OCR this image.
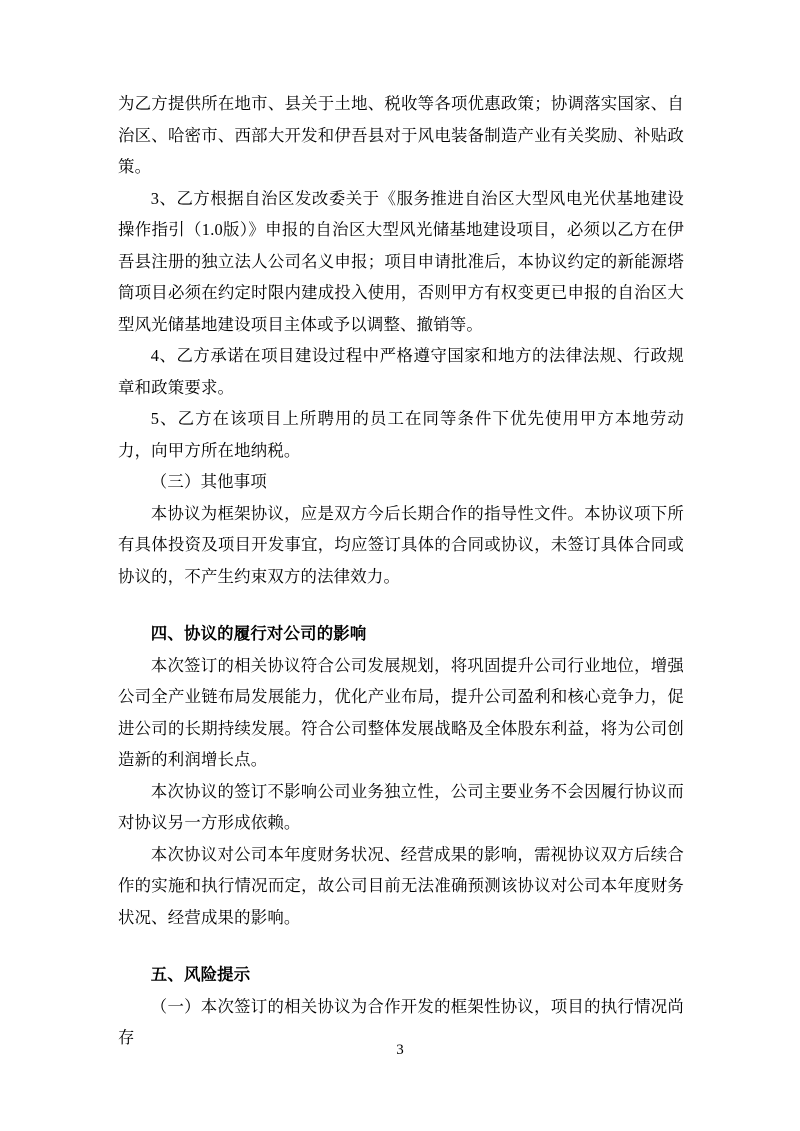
为乙方提供所在地市、县关于土地、税收等各项优惠政策；协调落实国家、自治区、哈密市、西部大开发和伊吾县对于风电装备制造产业有关奖励、补贴政策。

3、乙方根据自治区发改委关于《服务推进自治区大型风电光伏基地建设操作指引（1.0版）》申报的自治区大型风光储基地建设项目，必须以乙方在伊吾县注册的独立法人公司名义申报；项目申请批准后，本协议约定的新能源塔筒项目必须在约定时限内建成投入使用，否则甲方有权变更已申报的自治区大型风光储基地建设项目主体或予以调整、撤销等。

4、乙方承诺在项目建设过程中严格遵守国家和地方的法律法规、行政规章和政策要求。

5、乙方在该项目上所聘用的员工在同等条件下优先使用甲方本地劳动力，向甲方所在地纳税。

（三）其他事项

本协议为框架协议，应是双方今后长期合作的指导性文件。本协议项下所有具体投资及项目开发事宜，均应签订具体的合同或协议，未签订具体合同或协议的，不产生约束双方的法律效力。

四、协议的履行对公司的影响

本次签订的相关协议符合公司发展规划，将巩固提升公司行业地位，增强公司全产业链布局发展能力，优化产业布局，提升公司盈利和核心竞争力，促进公司的长期持续发展。符合公司整体发展战略及全体股东利益，将为公司创造新的利润增长点。

本次协议的签订不影响公司业务独立性，公司主要业务不会因履行协议而对协议另一方形成依赖。

本次协议对公司本年度财务状况、经营成果的影响，需视协议双方后续合作的实施和执行情况而定，故公司目前无法准确预测该协议对公司本年度财务状况、经营成果的影响。

五、风险提示

（一）本次签订的相关协议为合作开发的框架性协议，项目的执行情况尚存

3
